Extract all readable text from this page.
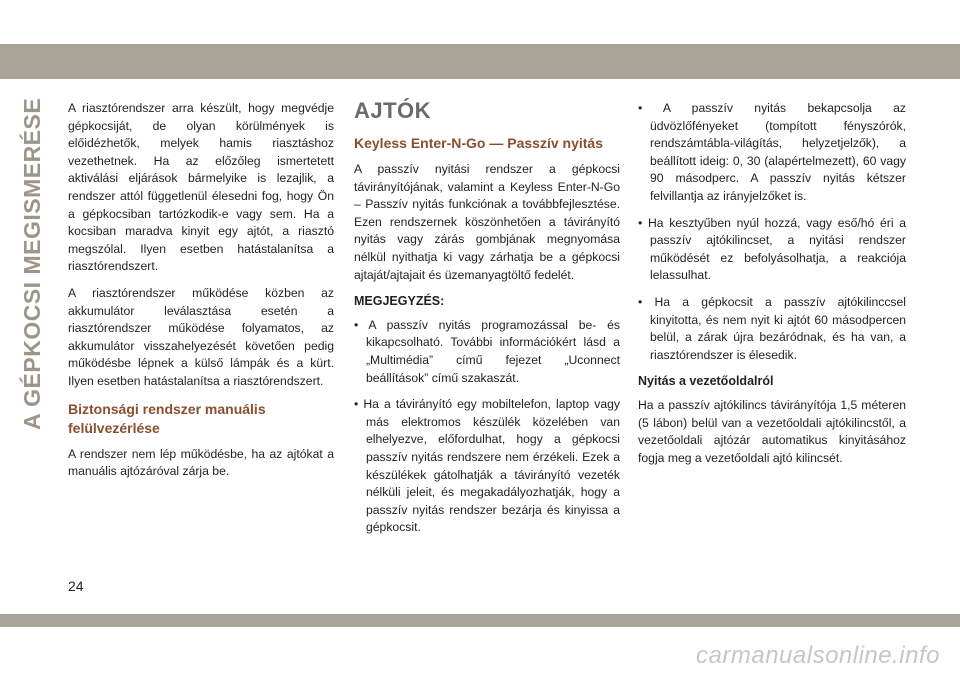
A GÉPKOCSI MEGISMERÉSE	A riasztórendszer arra készült, hogy megvédje gépkocsiját, de olyan körülmények is előidézhetők, melyek hamis riasztáshoz vezethetnek. Ha az előzőleg ismertetett aktiválási eljárások bármelyike is lezajlik, a rendszer attól függetlenül élesedni fog, hogy Ön a gépkocsiban tartózkodik-e vagy sem. Ha a kocsiban maradva kinyit egy ajtót, a riasztó megszólal. Ilyen esetben hatástalanítsa a riasztórendszert.

A riasztórendszer működése közben az akkumulátor leválasztása esetén a riasztórendszer működése folyamatos, az akkumulátor visszahelyezését követően pedig működésbe lépnek a külső lámpák és a kürt. Ilyen esetben hatástalanítsa a riasztórendszert.

Biztonsági rendszer manuális felülvezérlése

A rendszer nem lép működésbe, ha az ajtókat a manuális ajtózáróval zárja be.

AJTÓK
Keyless Enter-N-Go — Passzív nyitás

A passzív nyitási rendszer a gépkocsi távirányítójának, valamint a Keyless Enter-N-Go – Passzív nyitás funkciónak a továbbfejlesztése. Ezen rendszernek köszönhetően a távirányító nyitás vagy zárás gombjának megnyomása nélkül nyithatja ki vagy zárhatja be a gépkocsi ajtaját/ajtajait és üzemanyagtöltő fedelét.

MEGJEGYZÉS:

• A passzív nyitás programozással be- és kikapcsolható. További információkért lásd a „Multimédia” című fejezet „Uconnect beállítások” című szakaszát.

• Ha a távirányító egy mobiltelefon, laptop vagy más elektromos készülék közelében van elhelyezve, előfordulhat, hogy a gépkocsi passzív nyitás rendszere nem érzékeli. Ezek a készülékek gátolhatják a távirányító vezeték nélküli jeleit, és megakadályozhatják, hogy a passzív nyitás rendszer bezárja és kinyissa a gépkocsit.

• A passzív nyitás bekapcsolja az üdvözlőfényeket (tompított fényszórók, rendszámtábla-világítás, helyzetjelzők), a beállított ideig: 0, 30 (alapértelmezett), 60 vagy 90 másodperc. A passzív nyitás kétszer felvillantja az irányjelzőket is.

• Ha kesztyűben nyúl hozzá, vagy eső/hó éri a passzív ajtókilincset, a nyitási rendszer működését ez befolyásolhatja, a reakciója lelassulhat.

• Ha a gépkocsit a passzív ajtókilinccsel kinyitotta, és nem nyit ki ajtót 60 másodpercen belül, a zárak újra bezáródnak, és ha van, a riasztórendszer is élesedik.

Nyitás a vezetőoldalról

Ha a passzív ajtókilincs távirányítója 1,5 méteren (5 lábon) belül van a vezetőoldali ajtókilincstől, a vezetőoldali ajtózár automatikus kinyitásához fogja meg a vezetőoldali ajtó kilincsét.

24
carmanualsonline.info
